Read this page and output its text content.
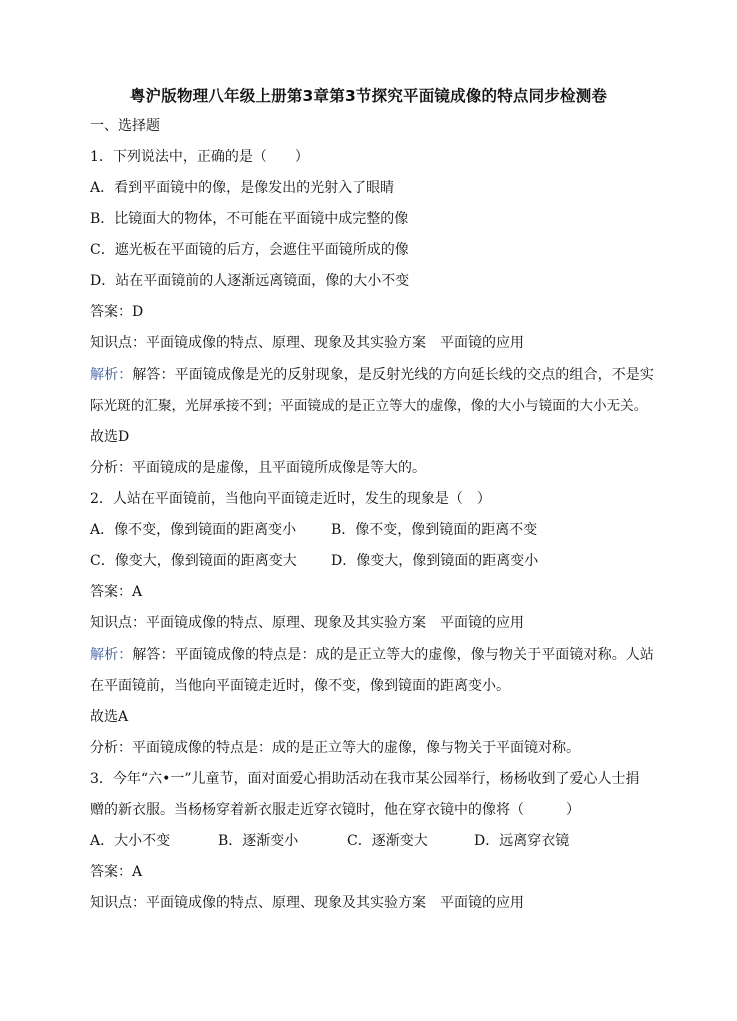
粤沪版物理八年级上册第3章第3节探究平面镜成像的特点同步检测卷
一、选择题
1．下列说法中，正确的是（　　）
A．看到平面镜中的像，是像发出的光射入了眼睛
B．比镜面大的物体，不可能在平面镜中成完整的像
C．遮光板在平面镜的后方，会遮住平面镜所成的像
D．站在平面镜前的人逐渐远离镜面，像的大小不变
答案：D
知识点：平面镜成像的特点、原理、现象及其实验方案　平面镜的应用
解析：解答：平面镜成像是光的反射现象，是反射光线的方向延长线的交点的组合，不是实
际光斑的汇聚，光屏承接不到；平面镜成的是正立等大的虚像，像的大小与镜面的大小无关。
故选D
分析：平面镜成的是虚像，且平面镜所成像是等大的。
2．人站在平面镜前，当他向平面镜走近时，发生的现象是（　）
A．像不变，像到镜面的距离变小 B．像不变，像到镜面的距离不变
C．像变大，像到镜面的距离变大 D．像变大，像到镜面的距离变小
答案：A
知识点：平面镜成像的特点、原理、现象及其实验方案　平面镜的应用
解析：解答：平面镜成像的特点是：成的是正立等大的虚像，像与物关于平面镜对称。人站
在平面镜前，当他向平面镜走近时，像不变，像到镜面的距离变小。
故选A
分析：平面镜成像的特点是：成的是正立等大的虚像，像与物关于平面镜对称。
3．今年“六•一”儿童节，面对面爱心捐助活动在我市某公园举行，杨杨收到了爱心人士捐
赠的新衣服。当杨杨穿着新衣服走近穿衣镜时，他在穿衣镜中的像将（　　　）
A．大小不变	B．逐渐变小	C．逐渐变大	D．远离穿衣镜
答案：A
知识点：平面镜成像的特点、原理、现象及其实验方案　平面镜的应用
